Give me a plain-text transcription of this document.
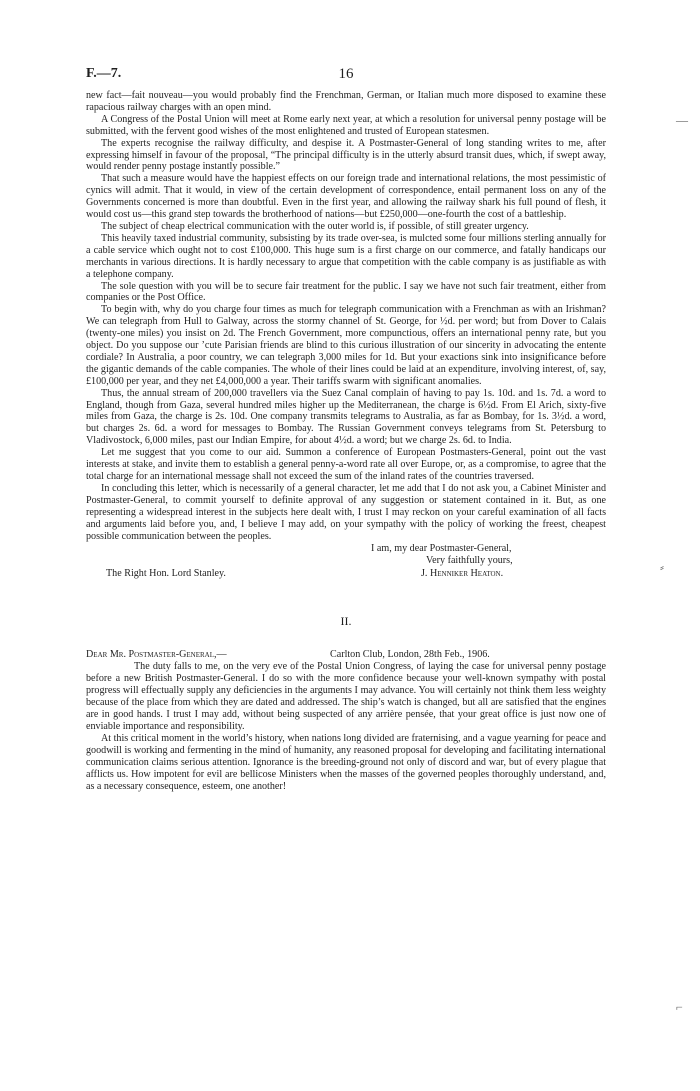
—
⸗
⌐
F.—7.	16

new fact—fait nouveau—you would probably find the Frenchman, German, or Italian much more disposed to examine these rapacious railway charges with an open mind.

A Congress of the Postal Union will meet at Rome early next year, at which a resolution for universal penny postage will be submitted, with the fervent good wishes of the most enlightened and trusted of European statesmen.

The experts recognise the railway difficulty, and despise it. A Postmaster-General of long standing writes to me, after expressing himself in favour of the proposal, “The principal difficulty is in the utterly absurd transit dues, which, if swept away, would render penny postage instantly possible.”

That such a measure would have the happiest effects on our foreign trade and international relations, the most pessimistic of cynics will admit. That it would, in view of the certain development of correspondence, entail permanent loss on any of the Governments concerned is more than doubtful. Even in the first year, and allowing the railway shark his full pound of flesh, it would cost us—this grand step towards the brotherhood of nations—but £250,000—one-fourth the cost of a battleship.

The subject of cheap electrical communication with the outer world is, if possible, of still greater urgency.

This heavily taxed industrial community, subsisting by its trade over-sea, is mulcted some four millions sterling annually for a cable service which ought not to cost £100,000. This huge sum is a first charge on our commerce, and fatally handicaps our merchants in various directions. It is hardly necessary to argue that competition with the cable company is as justifiable as with a telephone company.

The sole question with you will be to secure fair treatment for the public. I say we have not such fair treatment, either from companies or the Post Office.

To begin with, why do you charge four times as much for telegraph communication with a Frenchman as with an Irishman? We can telegraph from Hull to Galway, across the stormy channel of St. George, for ½d. per word; but from Dover to Calais (twenty-one miles) you insist on 2d. The French Government, more compunctious, offers an international penny rate, but you object. Do you suppose our ’cute Parisian friends are blind to this curious illustration of our sincerity in advocating the entente cordiale? In Australia, a poor country, we can telegraph 3,000 miles for 1d. But your exactions sink into insignificance before the gigantic demands of the cable companies. The whole of their lines could be laid at an expenditure, involving interest, of, say, £100,000 per year, and they net £4,000,000 a year. Their tariffs swarm with significant anomalies.

Thus, the annual stream of 200,000 travellers via the Suez Canal complain of having to pay 1s. 10d. and 1s. 7d. a word to England, though from Gaza, several hundred miles higher up the Mediterranean, the charge is 6½d. From El Arich, sixty-five miles from Gaza, the charge is 2s. 10d. One company transmits telegrams to Australia, as far as Bombay, for 1s. 3½d. a word, but charges 2s. 6d. a word for messages to Bombay. The Russian Government conveys telegrams from St. Petersburg to Vladivostock, 6,000 miles, past our Indian Empire, for about 4½d. a word; but we charge 2s. 6d. to India.

Let me suggest that you come to our aid. Summon a conference of European Postmasters-General, point out the vast interests at stake, and invite them to establish a general penny-a-word rate all over Europe, or, as a compromise, to agree that the total charge for an international message shall not exceed the sum of the inland rates of the countries traversed.

In concluding this letter, which is necessarily of a general character, let me add that I do not ask you, a Cabinet Minister and Postmaster-General, to commit yourself to definite approval of any suggestion or statement contained in it. But, as one representing a widespread interest in the subjects here dealt with, I trust I may reckon on your careful examination of all facts and arguments laid before you, and, I believe I may add, on your sympathy with the policy of working the freest, cheapest possible communication between the peoples.

I am, my dear Postmaster-General,
Very faithfully yours,
The Right Hon. Lord Stanley.	J. Henniker Heaton.
II.
Dear Mr. Postmaster-General,—	Carlton Club, London, 28th Feb., 1906.

The duty falls to me, on the very eve of the Postal Union Congress, of laying the case for universal penny postage before a new British Postmaster-General. I do so with the more confidence because your well-known sympathy with postal progress will effectually supply any deficiencies in the arguments I may advance. You will certainly not think them less weighty because of the place from which they are dated and addressed. The ship’s watch is changed, but all are satisfied that the engines are in good hands. I trust I may add, without being suspected of any arrière pensée, that your great office is just now one of enviable importance and responsibility.

At this critical moment in the world’s history, when nations long divided are fraternising, and a vague yearning for peace and goodwill is working and fermenting in the mind of humanity, any reasoned proposal for developing and facilitating international communication claims serious attention. Ignorance is the breeding-ground not only of discord and war, but of every plague that afflicts us. How impotent for evil are bellicose Ministers when the masses of the governed peoples thoroughly understand, and, as a necessary consequence, esteem, one another!
